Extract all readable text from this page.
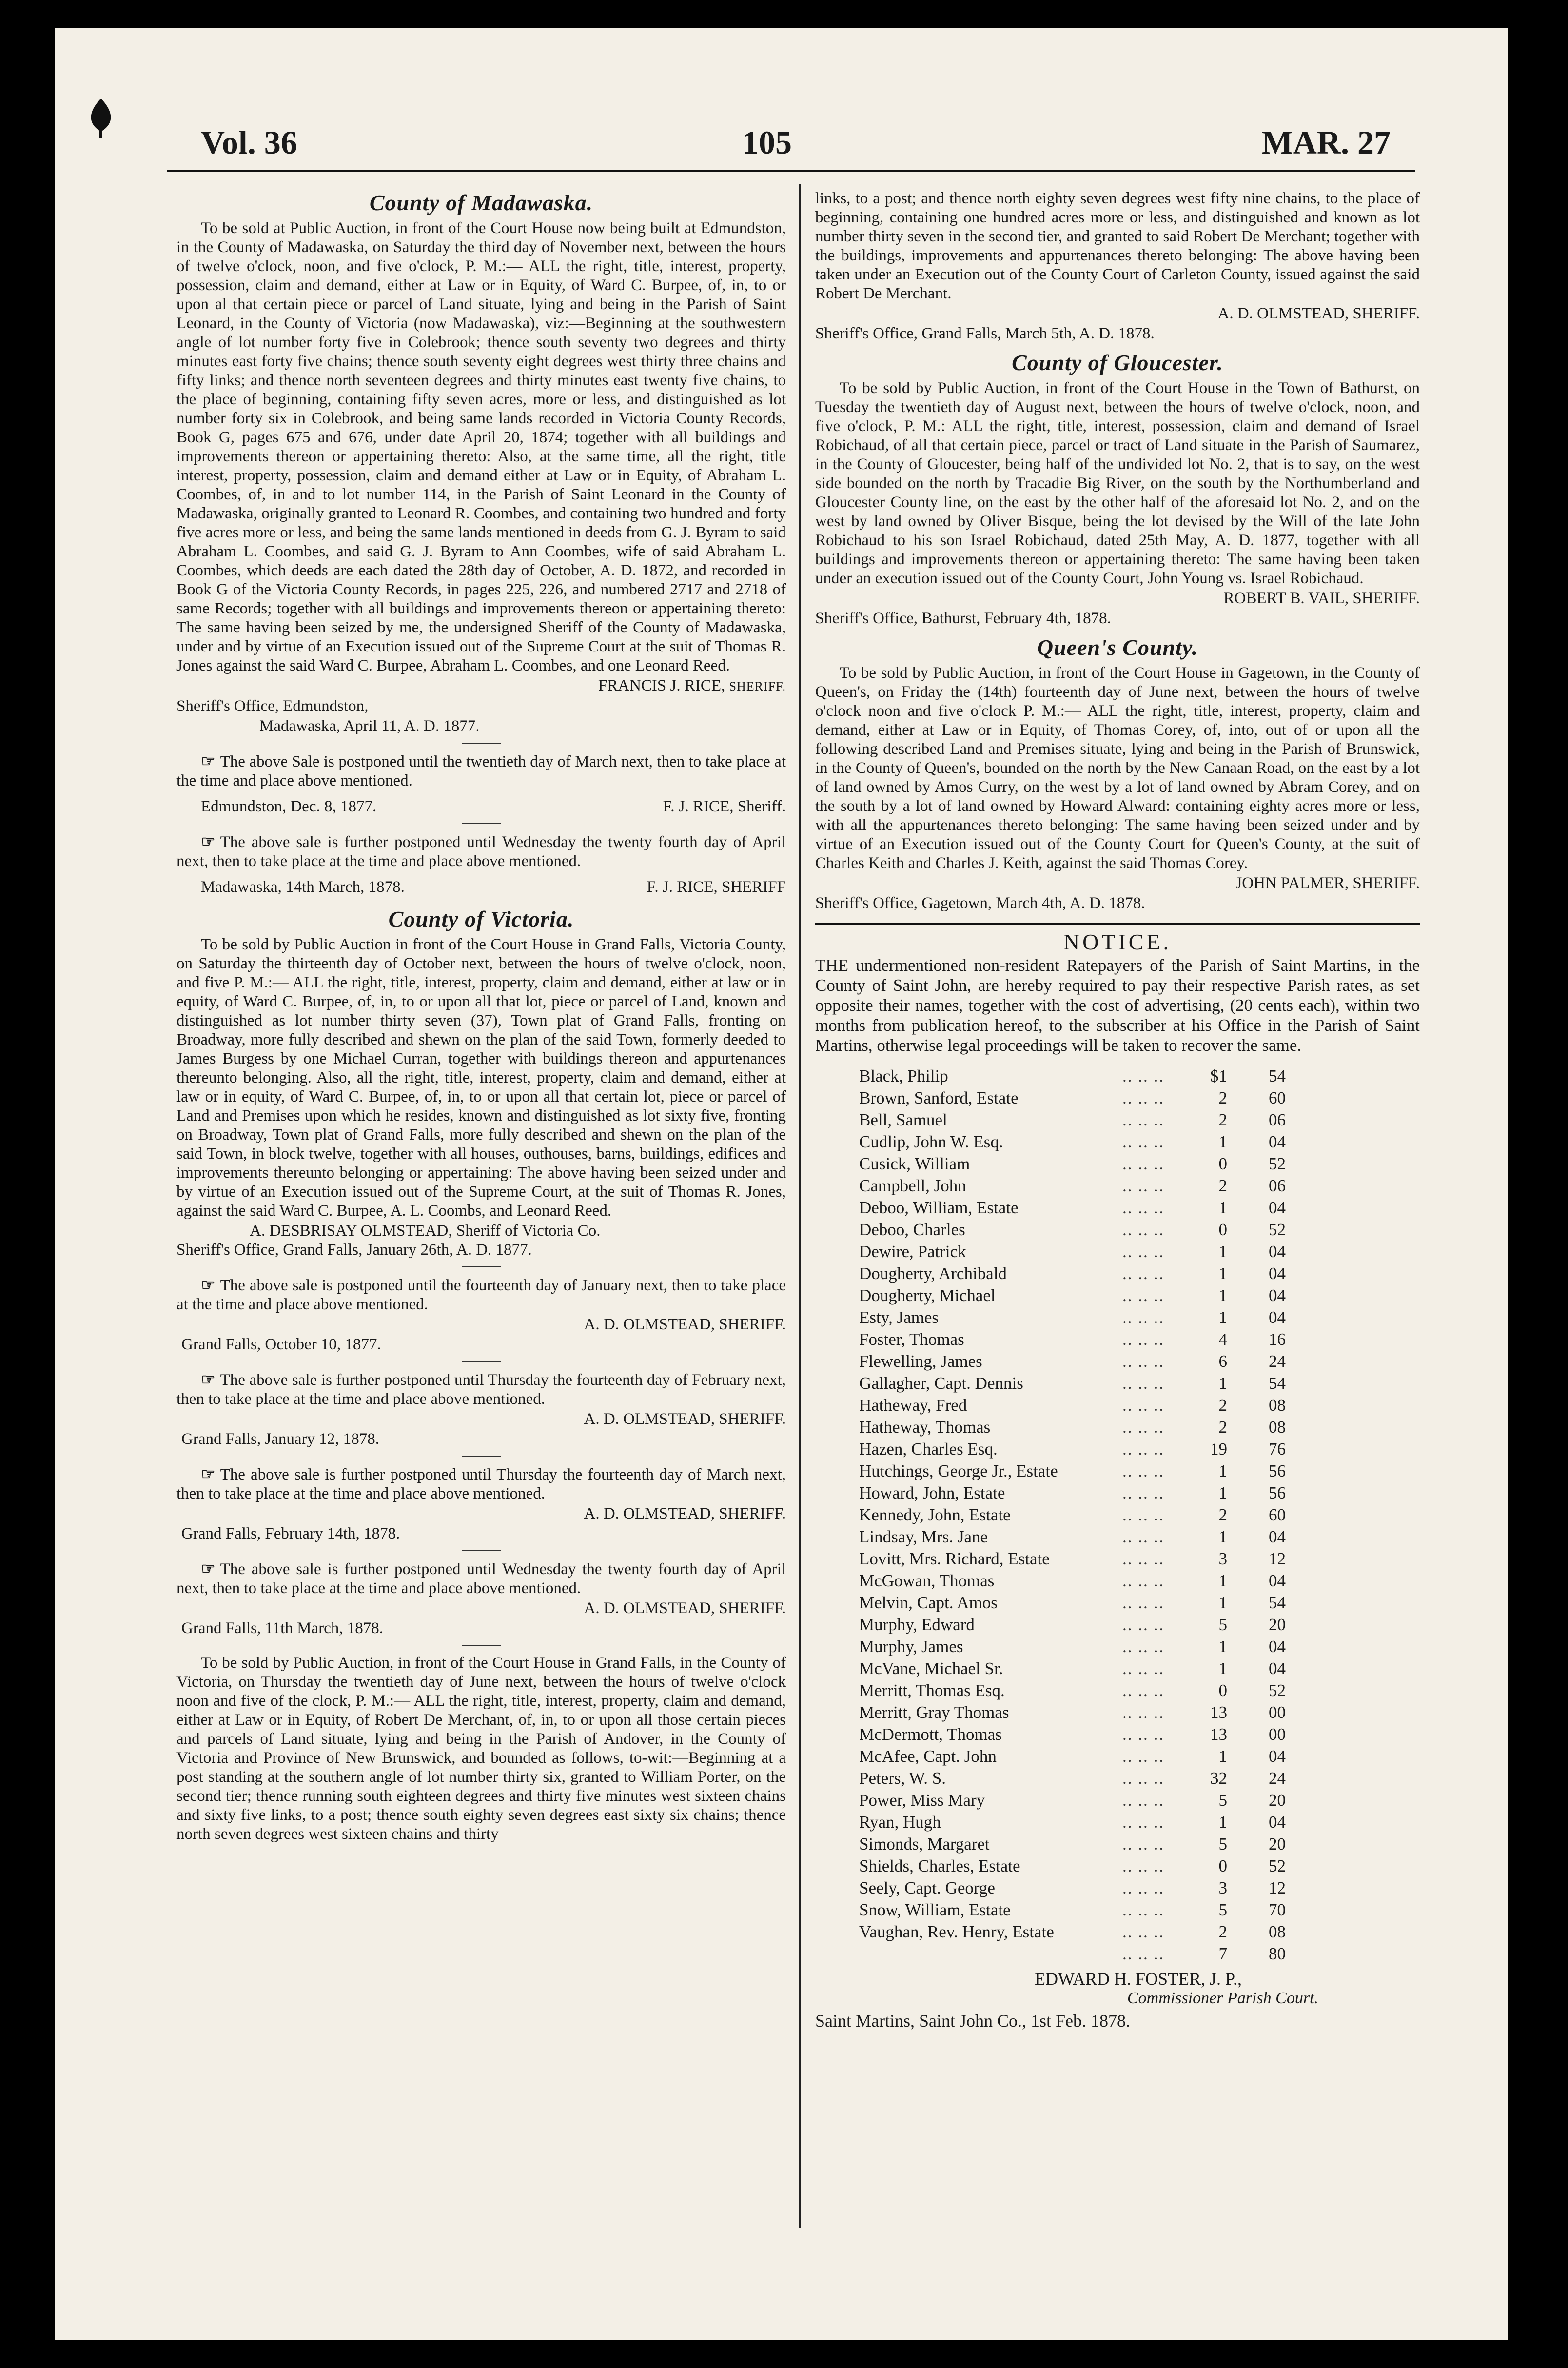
Vol. 36	105	MAR. 27
County of Madawaska.

To be sold at Public Auction, in front of the Court House now being built at Edmundston, in the County of Madawaska, on Saturday the third day of November next, between the hours of twelve o'clock, noon, and five o'clock, P. M.:— ALL the right, title, interest, property, possession, claim and demand, either at Law or in Equity, of Ward C. Burpee, of, in, to or upon al that certain piece or parcel of Land situate, lying and being in the Parish of Saint Leonard, in the County of Victoria (now Madawaska), viz:—Beginning at the southwestern angle of lot number forty five in Colebrook; thence south seventy two degrees and thirty minutes east forty five chains; thence south seventy eight degrees west thirty three chains and fifty links; and thence north seventeen degrees and thirty minutes east twenty five chains, to the place of beginning, containing fifty seven acres, more or less, and distinguished as lot number forty six in Colebrook, and being same lands recorded in Victoria County Records, Book G, pages 675 and 676, under date April 20, 1874; together with all buildings and improvements thereon or appertaining thereto: Also, at the same time, all the right, title interest, property, possession, claim and demand either at Law or in Equity, of Abraham L. Coombes, of, in and to lot number 114, in the Parish of Saint Leonard in the County of Madawaska, originally granted to Leonard R. Coombes, and containing two hundred and forty five acres more or less, and being the same lands mentioned in deeds from G. J. Byram to said Abraham L. Coombes, and said G. J. Byram to Ann Coombes, wife of said Abraham L. Coombes, which deeds are each dated the 28th day of October, A. D. 1872, and recorded in Book G of the Victoria County Records, in pages 225, 226, and numbered 2717 and 2718 of same Records; together with all buildings and improvements thereon or appertaining thereto: The same having been seized by me, the undersigned Sheriff of the County of Madawaska, under and by virtue of an Execution issued out of the Supreme Court at the suit of Thomas R. Jones against the said Ward C. Burpee, Abraham L. Coombes, and one Leonard Reed.

FRANCIS J. RICE, SHERIFF.
Sheriff's Office, Edmundston,
Madawaska, April 11, A. D. 1877.

☞ The above Sale is postponed until the twentieth day of March next, then to take place at the time and place above mentioned.

Edmundston, Dec. 8, 1877.	F. J. RICE, Sheriff.

☞ The above sale is further postponed until Wednesday the twenty fourth day of April next, then to take place at the time and place above mentioned.

Madawaska, 14th March, 1878.	F. J. RICE, SHERIFF
County of Victoria.

To be sold by Public Auction in front of the Court House in Grand Falls, Victoria County, on Saturday the thirteenth day of October next, between the hours of twelve o'clock, noon, and five P. M.:— ALL the right, title, interest, property, claim and demand, either at law or in equity, of Ward C. Burpee, of, in, to or upon all that lot, piece or parcel of Land, known and distinguished as lot number thirty seven (37), Town plat of Grand Falls, fronting on Broadway, more fully described and shewn on the plan of the said Town, formerly deeded to James Burgess by one Michael Curran, together with buildings thereon and appurtenances thereunto belonging. Also, all the right, title, interest, property, claim and demand, either at law or in equity, of Ward C. Burpee, of, in, to or upon all that certain lot, piece or parcel of Land and Premises upon which he resides, known and distinguished as lot sixty five, fronting on Broadway, Town plat of Grand Falls, more fully described and shewn on the plan of the said Town, in block twelve, together with all houses, outhouses, barns, buildings, edifices and improvements thereunto belonging or appertaining: The above having been seized under and by virtue of an Execution issued out of the Supreme Court, at the suit of Thomas R. Jones, against the said Ward C. Burpee, A. L. Coombs, and Leonard Reed.

A. DESBRISAY OLMSTEAD, Sheriff of Victoria Co.
Sheriff's Office, Grand Falls, January 26th, A. D. 1877.

☞ The above sale is postponed until the fourteenth day of January next, then to take place at the time and place above mentioned.

A. D. OLMSTEAD, SHERIFF.
Grand Falls, October 10, 1877.

☞ The above sale is further postponed until Thursday the fourteenth day of February next, then to take place at the time and place above mentioned.

A. D. OLMSTEAD, SHERIFF.
Grand Falls, January 12, 1878.

☞ The above sale is further postponed until Thursday the fourteenth day of March next, then to take place at the time and place above mentioned.

A. D. OLMSTEAD, SHERIFF.
Grand Falls, February 14th, 1878.

☞ The above sale is further postponed until Wednesday the twenty fourth day of April next, then to take place at the time and place above mentioned.

A. D. OLMSTEAD, SHERIFF.
Grand Falls, 11th March, 1878.

To be sold by Public Auction, in front of the Court House in Grand Falls, in the County of Victoria, on Thursday the twentieth day of June next, between the hours of twelve o'clock noon and five of the clock, P. M.:— ALL the right, title, interest, property, claim and demand, either at Law or in Equity, of Robert De Merchant, of, in, to or upon all those certain pieces and parcels of Land situate, lying and being in the Parish of Andover, in the County of Victoria and Province of New Brunswick, and bounded as follows, to-wit:—Beginning at a post standing at the southern angle of lot number thirty six, granted to William Porter, on the second tier; thence running south eighteen degrees and thirty five minutes west sixteen chains and sixty five links, to a post; thence south eighty seven degrees east sixty six chains; thence north seven degrees west sixteen chains and thirty

links, to a post; and thence north eighty seven degrees west fifty nine chains, to the place of beginning, containing one hundred acres more or less, and distinguished and known as lot number thirty seven in the second tier, and granted to said Robert De Merchant; together with the buildings, improvements and appurtenances thereto belonging: The above having been taken under an Execution out of the County Court of Carleton County, issued against the said Robert De Merchant.

A. D. OLMSTEAD, SHERIFF.
Sheriff's Office, Grand Falls, March 5th, A. D. 1878.
County of Gloucester.

To be sold by Public Auction, in front of the Court House in the Town of Bathurst, on Tuesday the twentieth day of August next, between the hours of twelve o'clock, noon, and five o'clock, P. M.: ALL the right, title, interest, possession, claim and demand of Israel Robichaud, of all that certain piece, parcel or tract of Land situate in the Parish of Saumarez, in the County of Gloucester, being half of the undivided lot No. 2, that is to say, on the west side bounded on the north by Tracadie Big River, on the south by the Northumberland and Gloucester County line, on the east by the other half of the aforesaid lot No. 2, and on the west by land owned by Oliver Bisque, being the lot devised by the Will of the late John Robichaud to his son Israel Robichaud, dated 25th May, A. D. 1877, together with all buildings and improvements thereon or appertaining thereto: The same having been taken under an execution issued out of the County Court, John Young vs. Israel Robichaud.

ROBERT B. VAIL, SHERIFF.
Sheriff's Office, Bathurst, February 4th, 1878.
Queen's County.

To be sold by Public Auction, in front of the Court House in Gagetown, in the County of Queen's, on Friday the (14th) fourteenth day of June next, between the hours of twelve o'clock noon and five o'clock P. M.:— ALL the right, title, interest, property, claim and demand, either at Law or in Equity, of Thomas Corey, of, into, out of or upon all the following described Land and Premises situate, lying and being in the Parish of Brunswick, in the County of Queen's, bounded on the north by the New Canaan Road, on the east by a lot of land owned by Amos Curry, on the west by a lot of land owned by Abram Corey, and on the south by a lot of land owned by Howard Alward: containing eighty acres more or less, with all the appurtenances thereto belonging: The same having been seized under and by virtue of an Execution issued out of the County Court for Queen's County, at the suit of Charles Keith and Charles J. Keith, against the said Thomas Corey.

JOHN PALMER, SHERIFF.
Sheriff's Office, Gagetown, March 4th, A. D. 1878.
NOTICE.

THE undermentioned non-resident Ratepayers of the Parish of Saint Martins, in the County of Saint John, are hereby required to pay their respective Parish rates, as set opposite their names, together with the cost of advertising, (20 cents each), within two months from publication hereof, to the subscriber at his Office in the Parish of Saint Martins, otherwise legal proceedings will be taken to recover the same.

Black, Philip	.. .. ..	$1	54
Brown, Sanford, Estate	.. .. ..	2	60
Bell, Samuel	.. .. ..	2	06
Cudlip, John W. Esq.	.. .. ..	1	04
Cusick, William	.. .. ..	0	52
Campbell, John	.. .. ..	2	06
Deboo, William, Estate	.. .. ..	1	04
Deboo, Charles	.. .. ..	0	52
Dewire, Patrick	.. .. ..	1	04
Dougherty, Archibald	.. .. ..	1	04
Dougherty, Michael	.. .. ..	1	04
Esty, James	.. .. ..	1	04
Foster, Thomas	.. .. ..	4	16
Flewelling, James	.. .. ..	6	24
Gallagher, Capt. Dennis	.. .. ..	1	54
Hatheway, Fred	.. .. ..	2	08
Hatheway, Thomas	.. .. ..	2	08
Hazen, Charles Esq.	.. .. ..	19	76
Hutchings, George Jr., Estate	.. .. ..	1	56
Howard, John, Estate	.. .. ..	1	56
Kennedy, John, Estate	.. .. ..	2	60
Lindsay, Mrs. Jane	.. .. ..	1	04
Lovitt, Mrs. Richard, Estate	.. .. ..	3	12
McGowan, Thomas	.. .. ..	1	04
Melvin, Capt. Amos	.. .. ..	1	54
Murphy, Edward	.. .. ..	5	20
Murphy, James	.. .. ..	1	04
McVane, Michael Sr.	.. .. ..	1	04
Merritt, Thomas Esq.	.. .. ..	0	52
Merritt, Gray Thomas	.. .. ..	13	00
McDermott, Thomas	.. .. ..	13	00
McAfee, Capt. John	.. .. ..	1	04
Peters, W. S.	.. .. ..	32	24
Power, Miss Mary	.. .. ..	5	20
Ryan, Hugh	.. .. ..	1	04
Simonds, Margaret	.. .. ..	5	20
Shields, Charles, Estate	.. .. ..	0	52
Seely, Capt. George	.. .. ..	3	12
Snow, William, Estate	.. .. ..	5	70
Vaughan, Rev. Henry, Estate	.. .. ..	2	08
	.. .. ..	7	80
EDWARD H. FOSTER, J. P.,
Commissioner Parish Court.
Saint Martins, Saint John Co., 1st Feb. 1878.
